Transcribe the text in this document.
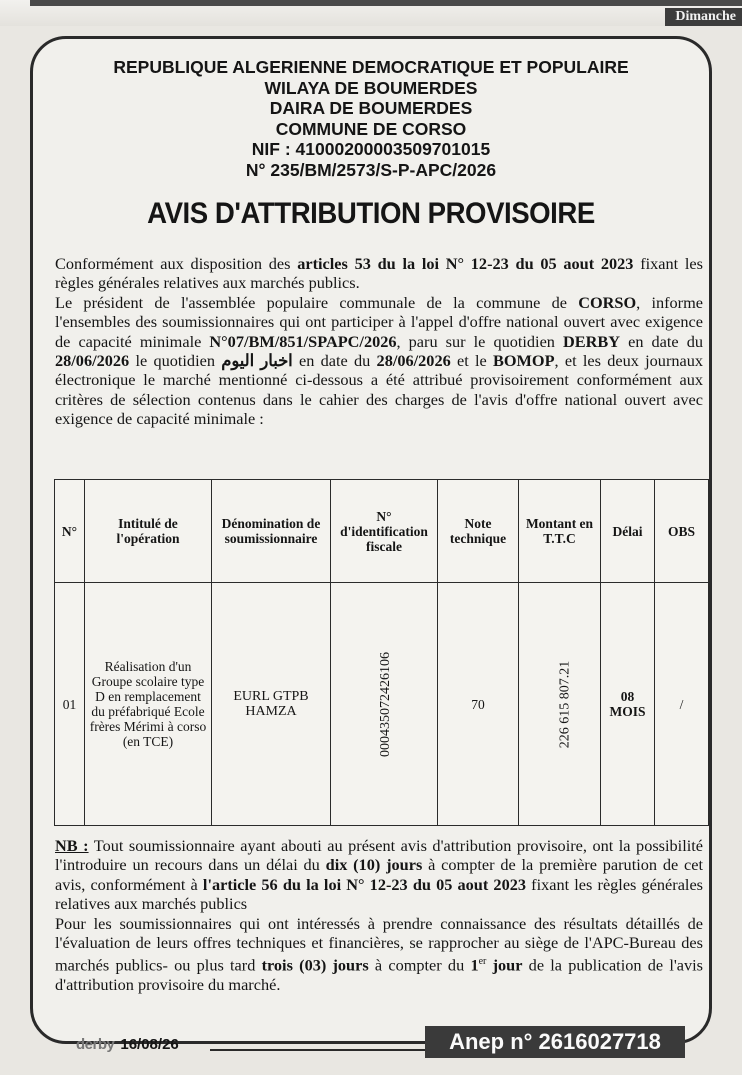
Dimanche
REPUBLIQUE ALGERIENNE DEMOCRATIQUE ET POPULAIRE
WILAYA DE BOUMERDES
DAIRA DE BOUMERDES
COMMUNE DE CORSO
NIF : 41000200003509701015
N° 235/BM/2573/S-P-APC/2026
AVIS D'ATTRIBUTION PROVISOIRE

Conformément aux disposition des articles 53 du la loi N° 12-23 du 05 aout 2023 fixant les règles générales relatives aux marchés publics.

Le président de l'assemblée populaire communale de la commune de CORSO, informe l'ensembles des soumissionnaires qui ont participer à l'appel d'offre national ouvert avec exigence de capacité minimale N°07/BM/851/SPAPC/2026, paru sur le quotidien DERBY en date du 28/06/2026 le quotidien اخبار اليوم en date du 28/06/2026 et le BOMOP, et les deux journaux électronique le marché mentionné ci-dessous a été attribué provisoirement conformément aux critères de sélection contenus dans le cahier des charges de l'avis d'offre national ouvert avec exigence de capacité minimale :

N°	Intitulé de l'opération	Dénomination de soumissionnaire	N° d'identification fiscale	Note technique	Montant en T.T.C	Délai	OBS
01	Réalisation d'un Groupe scolaire type D en remplacement du préfabriqué Ecole frères Mérimi à corso (en TCE)	EURL GTPB HAMZA	000435072426106	70	226 615 807.21	08 MOIS	/

NB : Tout soumissionnaire ayant abouti au présent avis d'attribution provisoire, ont la possibilité l'introduire un recours dans un délai du dix (10) jours à compter de la première parution de cet avis, conformément à l'article 56 du la loi N° 12-23 du 05 aout 2023 fixant les règles générales relatives aux marchés publics

Pour les soumissionnaires qui ont intéressés à prendre connaissance des résultats détaillés de l'évaluation de leurs offres techniques et financières, se rapprocher au siège de l'APC-Bureau des marchés publics- ou plus tard trois (03) jours à compter du 1er jour de la publication de l'avis d'attribution provisoire du marché.

derby 16/08/26	Anep n° 2616027718
